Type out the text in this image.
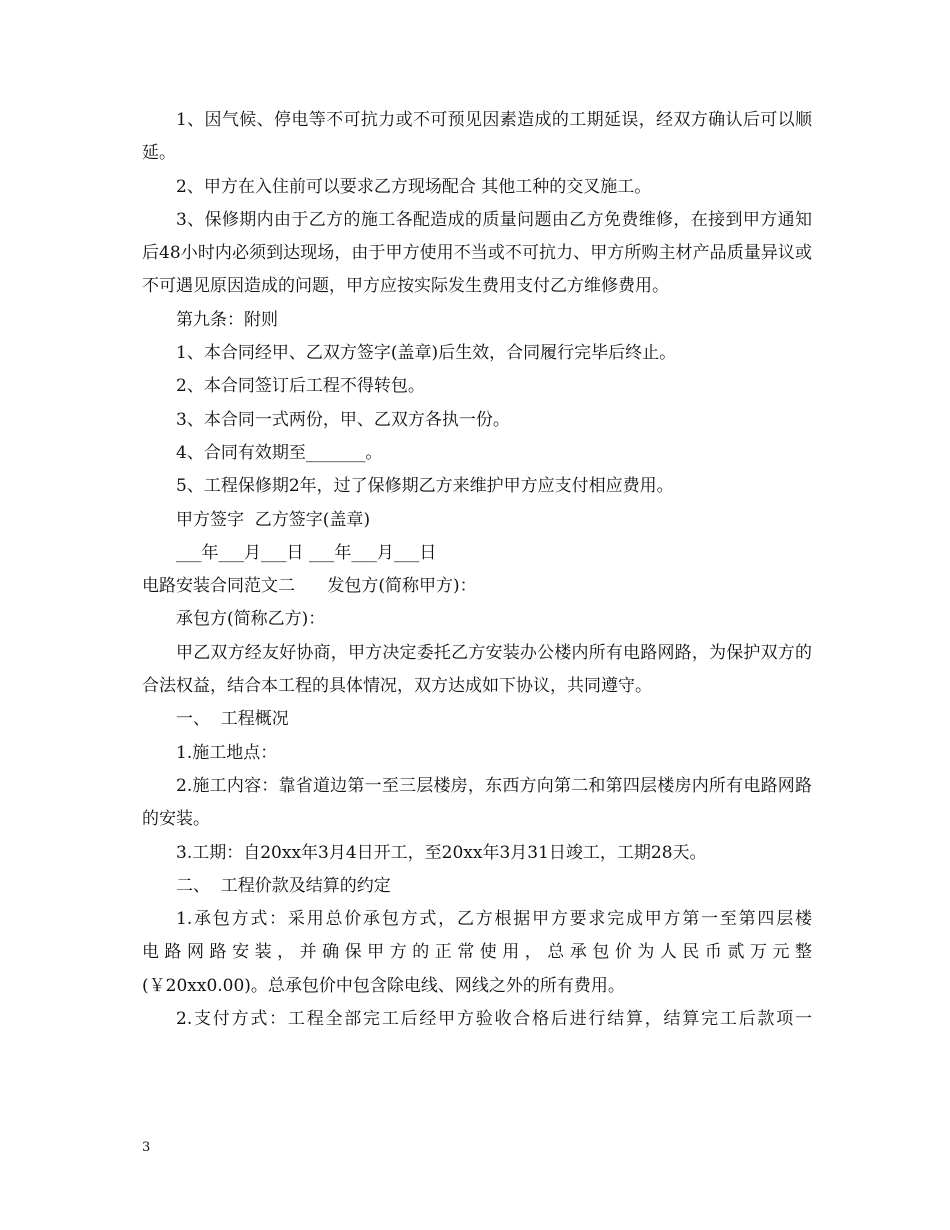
1、因气候、停电等不可抗力或不可预见因素造成的工期延误，经双方确认后可以顺延。

2、甲方在入住前可以要求乙方现场配合 其他工种的交叉施工。

3、保修期内由于乙方的施工各配造成的质量问题由乙方免费维修，在接到甲方通知后48小时内必须到达现场，由于甲方使用不当或不可抗力、甲方所购主材产品质量异议或不可遇见原因造成的问题，甲方应按实际发生费用支付乙方维修费用。

第九条：附则

1、本合同经甲、乙双方签字(盖章)后生效，合同履行完毕后终止。

2、本合同签订后工程不得转包。

3、本合同一式两份，甲、乙双方各执一份。

4、合同有效期至_______。

5、工程保修期2年，过了保修期乙方来维护甲方应支付相应费用。

甲方签字  乙方签字(盖章)

___年___月___日 ___年___月___日

电路安装合同范文二      发包方(简称甲方)：

承包方(简称乙方)：

甲乙双方经友好协商，甲方决定委托乙方安装办公楼内所有电路网路，为保护双方的合法权益，结合本工程的具体情况，双方达成如下协议，共同遵守。

一、  工程概况

1.施工地点：

2.施工内容：靠省道边第一至三层楼房，东西方向第二和第四层楼房内所有电路网路的安装。

3.工期：自20xx年3月4日开工，至20xx年3月31日竣工，工期28天。

二、  工程价款及结算的约定

1.承包方式：采用总价承包方式，乙方根据甲方要求完成甲方第一至第四层楼

电路网路安装，并确保甲方的正常使用，总承包价为人民币贰万元整

(￥20xx0.00)。总承包价中包含除电线、网线之外的所有费用。

2.支付方式：工程全部完工后经甲方验收合格后进行结算，结算完工后款项一

3
